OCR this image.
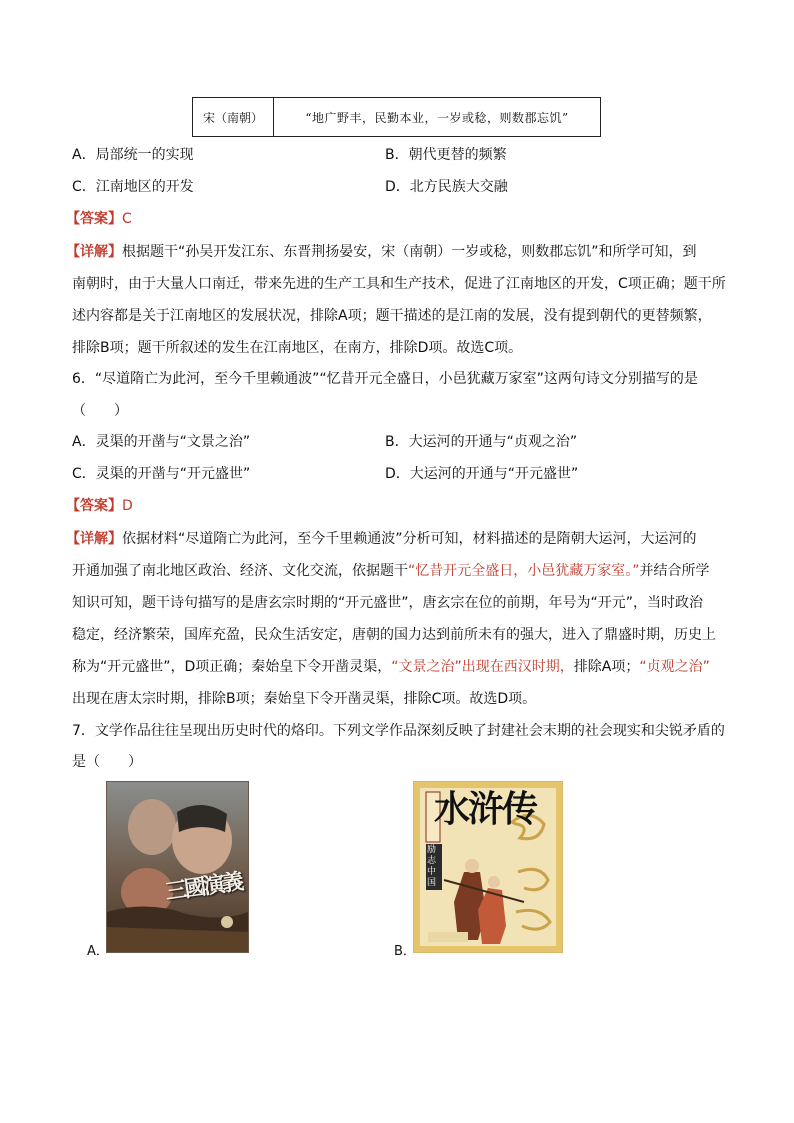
宋（南朝）	“地广野丰，民勤本业，一岁或稔，则数郡忘饥”
A．局部统一的实现	B．朝代更替的频繁
C．江南地区的开发	D．北方民族大交融
【答案】C
【详解】根据题干“孙吴开发江东、东晋荆扬晏安，宋（南朝）一岁或稔，则数郡忘饥”和所学可知，到
南朝时，由于大量人口南迁，带来先进的生产工具和生产技术，促进了江南地区的开发，C项正确；题干所
述内容都是关于江南地区的发展状况，排除A项；题干描述的是江南的发展，没有提到朝代的更替频繁，
排除B项；题干所叙述的发生在江南地区，在南方，排除D项。故选C项。
6．“尽道隋亡为此河，至今千里赖通波”“忆昔开元全盛日，小邑犹藏万家室”这两句诗文分别描写的是
（　　）
A．灵渠的开凿与“文景之治”	B．大运河的开通与“贞观之治”
C．灵渠的开凿与“开元盛世”	D．大运河的开通与“开元盛世”
【答案】D
【详解】依据材料“尽道隋亡为此河，至今千里赖通波”分析可知，材料描述的是隋朝大运河，大运河的
开通加强了南北地区政治、经济、文化交流，依据题干“忆昔开元全盛日，小邑犹藏万家室。”并结合所学
知识可知，题干诗句描写的是唐玄宗时期的“开元盛世”，唐玄宗在位的前期，年号为“开元”，当时政治
稳定，经济繁荣，国库充盈，民众生活安定，唐朝的国力达到前所未有的强大，进入了鼎盛时期，历史上
称为“开元盛世”，D项正确；秦始皇下令开凿灵渠，“文景之治”出现在西汉时期，排除A项；“贞观之治”
出现在唐太宗时期，排除B项；秦始皇下令开凿灵渠，排除C项。故选D项。
7．文学作品往往呈现出历史时代的烙印。下列文学作品深刻反映了封建社会末期的社会现实和尖锐矛盾的
是（　　）
三國演義
A．
水浒传
励志中国
B．
